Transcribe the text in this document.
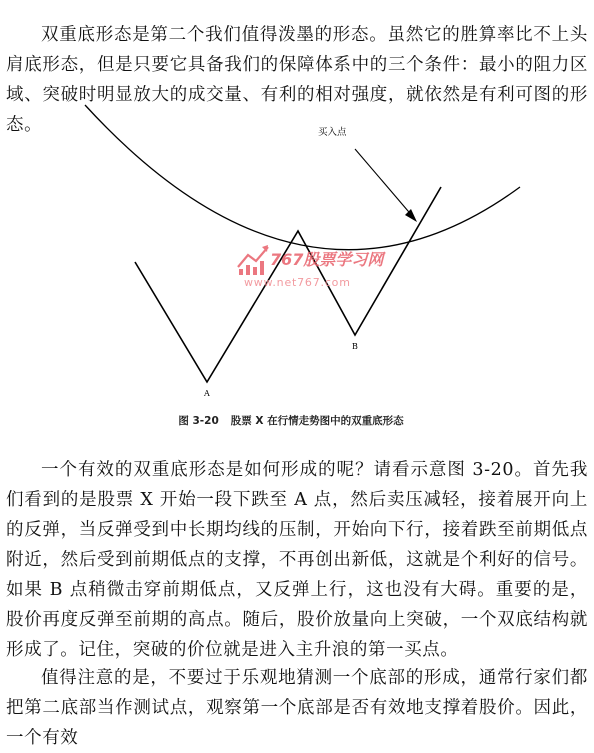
双重底形态是第二个我们值得泼墨的形态。虽然它的胜算率比不上头肩底形态，但是只要它具备我们的保障体系中的三个条件：最小的阻力区域、突破时明显放大的成交量、有利的相对强度，就依然是有利可图的形态。	买入点
A
B
767股票学习网
www.net767.com
图 3-20 股票 X 在行情走势图中的双重底形态

一个有效的双重底形态是如何形成的呢？请看示意图 3-20。首先我们看到的是股票 X 开始一段下跌至 A 点，然后卖压减轻，接着展开向上的反弹，当反弹受到中长期均线的压制，开始向下行，接着跌至前期低点附近，然后受到前期低点的支撑，不再创出新低，这就是个利好的信号。如果 B 点稍微击穿前期低点，又反弹上行，这也没有大碍。重要的是，股价再度反弹至前期的高点。随后，股价放量向上突破，一个双底结构就形成了。记住，突破的价位就是进入主升浪的第一买点。

值得注意的是，不要过于乐观地猜测一个底部的形成，通常行家们都把第二底部当作测试点，观察第一个底部是否有效地支撑着股价。因此，一个有效
